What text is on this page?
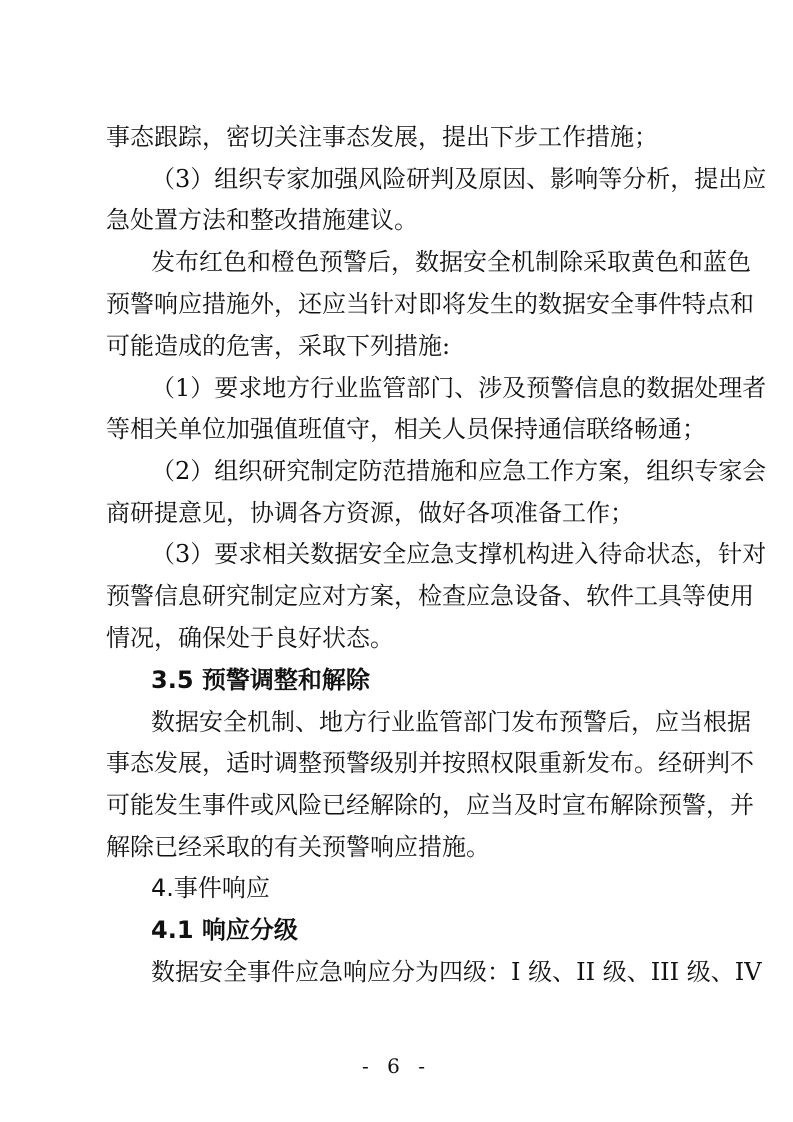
事态跟踪，密切关注事态发展，提出下步工作措施；
（3）组织专家加强风险研判及原因、影响等分析，提出应
急处置方法和整改措施建议。
发布红色和橙色预警后，数据安全机制除采取黄色和蓝色
预警响应措施外，还应当针对即将发生的数据安全事件特点和
可能造成的危害，采取下列措施:
（1）要求地方行业监管部门、涉及预警信息的数据处理者
等相关单位加强值班值守，相关人员保持通信联络畅通；
（2）组织研究制定防范措施和应急工作方案，组织专家会
商研提意见，协调各方资源，做好各项准备工作；
（3）要求相关数据安全应急支撑机构进入待命状态，针对
预警信息研究制定应对方案，检查应急设备、软件工具等使用
情况，确保处于良好状态。
3.5 预警调整和解除
数据安全机制、地方行业监管部门发布预警后，应当根据
事态发展，适时调整预警级别并按照权限重新发布。经研判不
可能发生事件或风险已经解除的，应当及时宣布解除预警，并
解除已经采取的有关预警响应措施。
4.事件响应
4.1 响应分级
数据安全事件应急响应分为四级：I 级、II 级、III 级、IV
- 6 -
